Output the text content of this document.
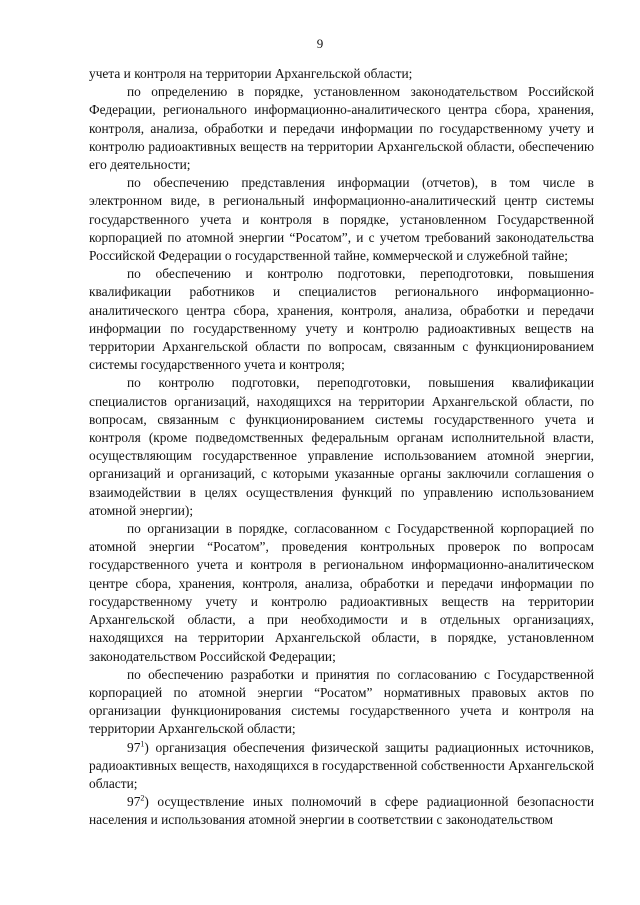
9

учета и контроля на территории Архангельской области;

по определению в порядке, установленном законодательством Российской Федерации, регионального информационно-аналитического центра сбора, хранения, контроля, анализа, обработки и передачи информации по государственному учету и контролю радиоактивных веществ на территории Архангельской области, обеспечению его деятельности;

по обеспечению представления информации (отчетов), в том числе в электронном виде, в региональный информационно-аналитический центр системы государственного учета и контроля в порядке, установленном Государственной корпорацией по атомной энергии “Росатом”, и с учетом требований законодательства Российской Федерации о государственной тайне, коммерческой и служебной тайне;

по обеспечению и контролю подготовки, переподготовки, повышения квалификации работников и специалистов регионального информационно-аналитического центра сбора, хранения, контроля, анализа, обработки и передачи информации по государственному учету и контролю радиоактивных веществ на территории Архангельской области по вопросам, связанным с функционированием системы государственного учета и контроля;

по контролю подготовки, переподготовки, повышения квалификации специалистов организаций, находящихся на территории Архангельской области, по вопросам, связанным с функционированием системы государственного учета и контроля (кроме подведомственных федеральным органам исполнительной власти, осуществляющим государственное управление использованием атомной энергии, организаций и организаций, с которыми указанные органы заключили соглашения о взаимодействии в целях осуществления функций по управлению использованием атомной энергии);

по организации в порядке, согласованном с Государственной корпорацией по атомной энергии “Росатом”, проведения контрольных проверок по вопросам государственного учета и контроля в региональном информационно-аналитическом центре сбора, хранения, контроля, анализа, обработки и передачи информации по государственному учету и контролю радиоактивных веществ на территории Архангельской области, а при необходимости и в отдельных организациях, находящихся на территории Архангельской области, в порядке, установленном законодательством Российской Федерации;

по обеспечению разработки и принятия по согласованию с Государственной корпорацией по атомной энергии “Росатом” нормативных правовых актов по организации функционирования системы государственного учета и контроля на территории Архангельской области;

$97^1$) организация обеспечения физической защиты радиационных источников, радиоактивных веществ, находящихся в государственной собственности Архангельской области;

$97^2$) осуществление иных полномочий в сфере радиационной безопасности населения и использования атомной энергии в соответствии с законодательством
